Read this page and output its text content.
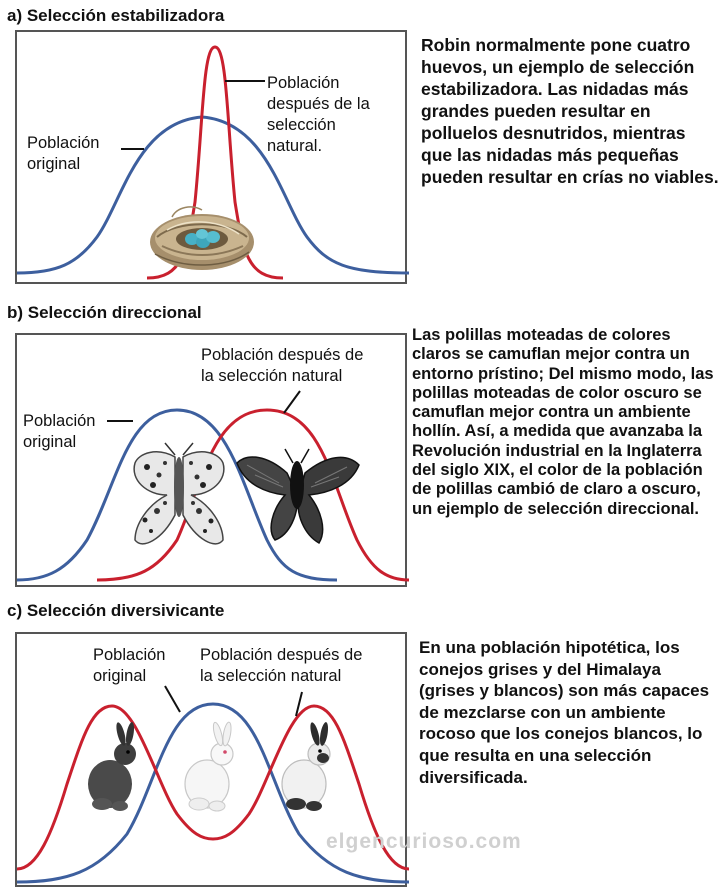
a) Selección estabilizadora
Población
original
Población
después de la
selección
natural.
Robin normalmente pone cuatro huevos, un ejemplo de selección estabilizadora. Las nidadas más grandes pueden resultar en polluelos desnutridos, mientras que las nidadas más pequeñas pueden resultar en crías no viables.
b) Selección direccional
Población
original
Población después de
la selección natural
Las polillas moteadas de colores claros se camuflan mejor contra un entorno prístino; Del mismo modo, las polillas moteadas de color oscuro se camuflan mejor contra un ambiente hollín. Así, a medida que avanzaba la Revolución industrial en la Inglaterra del siglo XIX, el color de la población de polillas cambió de claro a oscuro, un ejemplo de selección direccional.
c) Selección diversivicante
Población
original
Población después de
la selección natural
En una población hipotética, los conejos grises y del Himalaya (grises y blancos) son más capaces de mezclarse con un ambiente rocoso que los conejos blancos, lo que resulta en una selección diversificada.
elgencurioso.com
